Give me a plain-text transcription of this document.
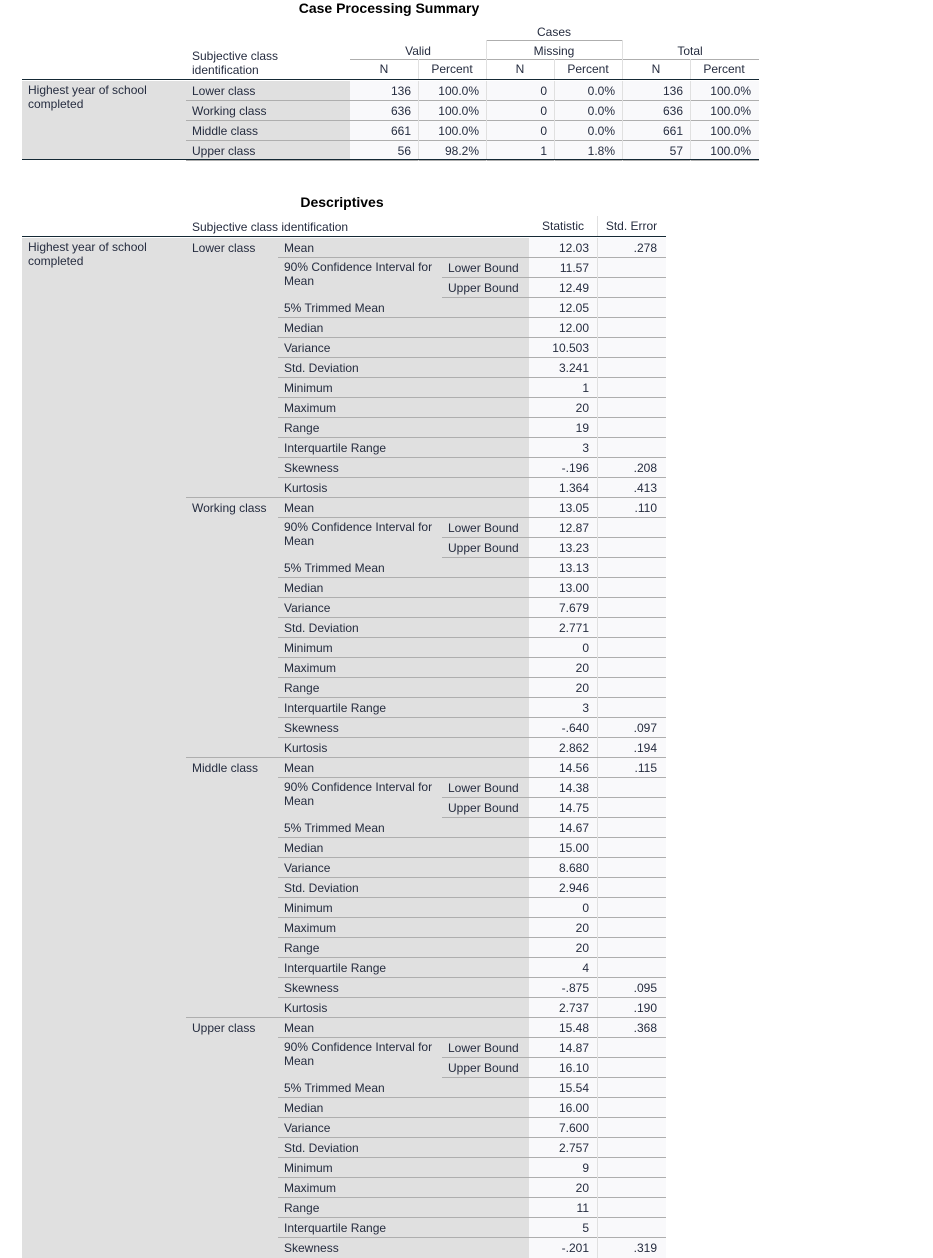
Case Processing Summary
Cases
Subjective class identification
Valid	Missing	Total
N	Percent	N	Percent	N	Percent
Highest year of school completed
Lower class	136	100.0%	0	0.0%	136	100.0%
Working class	636	100.0%	0	0.0%	636	100.0%
Middle class	661	100.0%	0	0.0%	661	100.0%
Upper class	56	98.2%	1	1.8%	57	100.0%
Descriptives
Subjective class identification	Statistic	Std. Error
Highest year of school completed
Lower class Mean	12.03	.278
90% Confidence Interval for Mean
Lower Bound	11.57
Upper Bound	12.49
5% Trimmed Mean	12.05
Median	12.00
Variance	10.503
Std. Deviation	3.241
Minimum	1
Maximum	20
Range	19
Interquartile Range	3
Skewness	-.196	.208
Kurtosis	1.364	.413
Working class Mean	13.05	.110
90% Confidence Interval for Mean
Lower Bound	12.87
Upper Bound	13.23
5% Trimmed Mean	13.13
Median	13.00
Variance	7.679
Std. Deviation	2.771
Minimum	0
Maximum	20
Range	20
Interquartile Range	3
Skewness	-.640	.097
Kurtosis	2.862	.194
Middle class Mean	14.56	.115
90% Confidence Interval for Mean
Lower Bound	14.38
Upper Bound	14.75
5% Trimmed Mean	14.67
Median	15.00
Variance	8.680
Std. Deviation	2.946
Minimum	0
Maximum	20
Range	20
Interquartile Range	4
Skewness	-.875	.095
Kurtosis	2.737	.190
Upper class Mean	15.48	.368
90% Confidence Interval for Mean
Lower Bound	14.87
Upper Bound	16.10
5% Trimmed Mean	15.54
Median	16.00
Variance	7.600
Std. Deviation	2.757
Minimum	9
Maximum	20
Range	11
Interquartile Range	5
Skewness	-.201	.319
